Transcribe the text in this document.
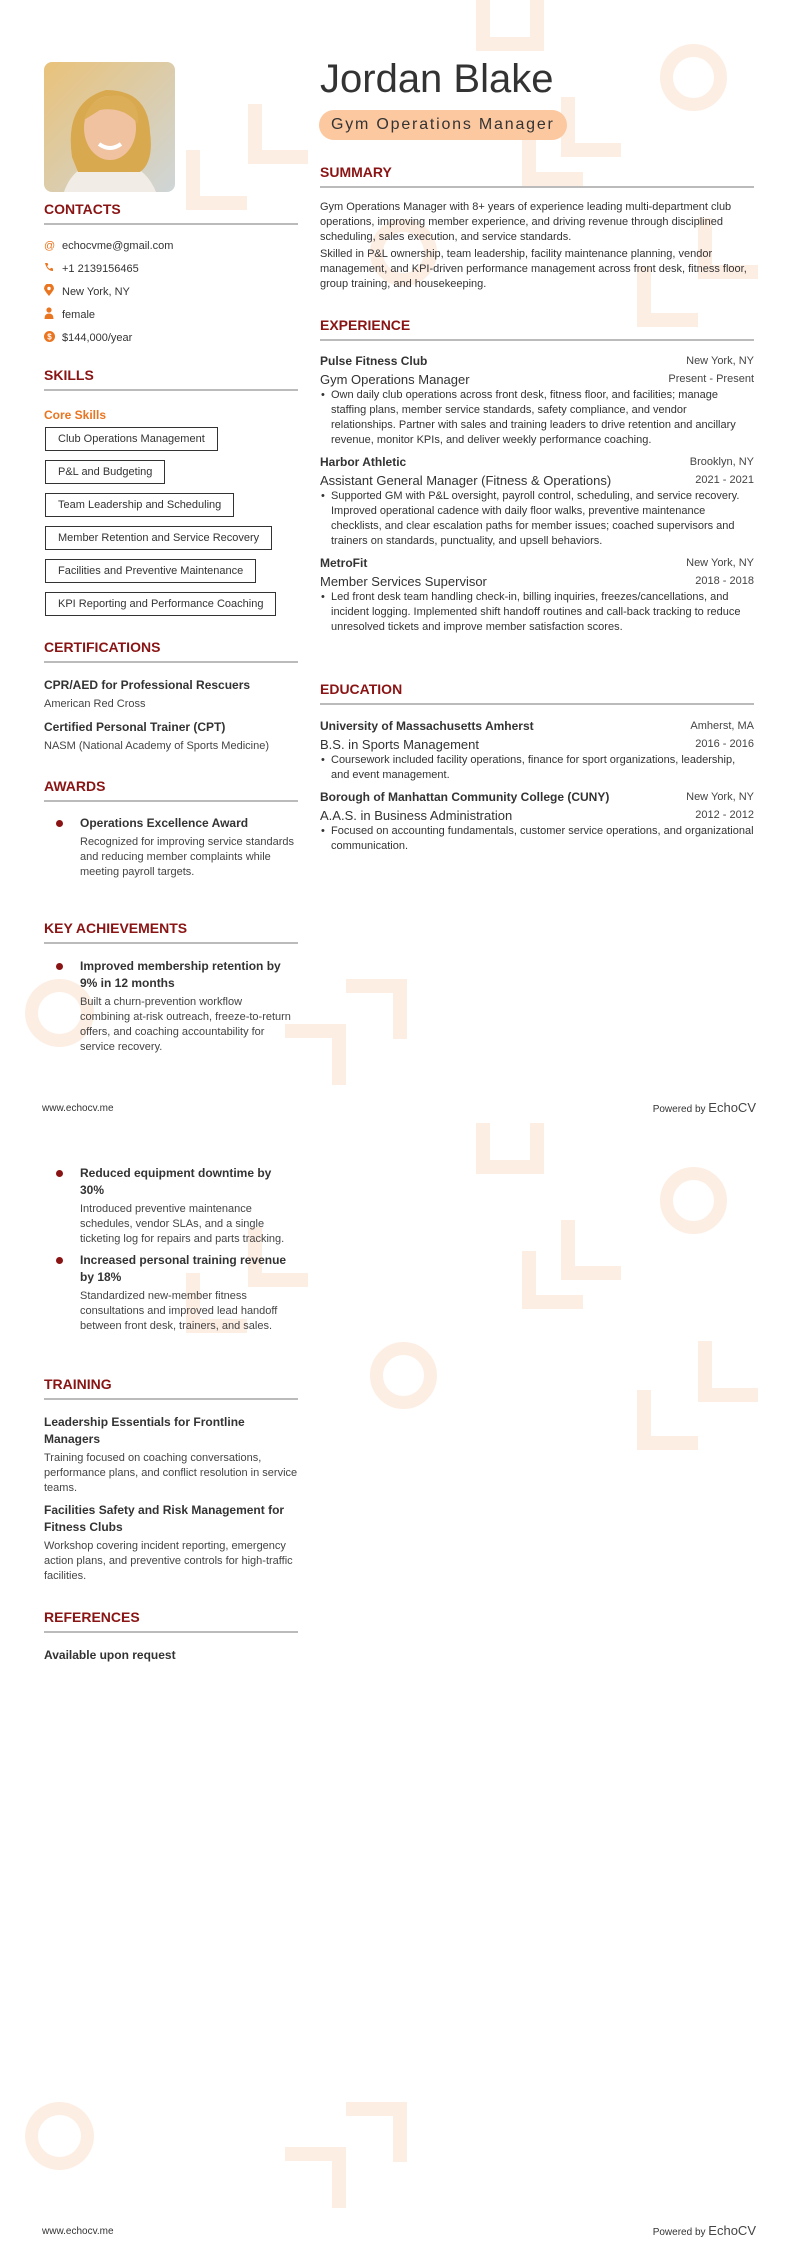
CONTACTS
@ echocvme@gmail.com
+1 2139156465
New York, NY
female
$ $144,000/year
SKILLS
Core Skills
Club Operations Management
P&L and Budgeting
Team Leadership and Scheduling
Member Retention and Service Recovery
Facilities and Preventive Maintenance
KPI Reporting and Performance Coaching
CERTIFICATIONS
CPR/AED for Professional Rescuers
American Red Cross
Certified Personal Trainer (CPT)
NASM (National Academy of Sports Medicine)
AWARDS
Operations Excellence Award
Recognized for improving service standards and reducing member complaints while meeting payroll targets.
KEY ACHIEVEMENTS
Improved membership retention by 9% in 12 months
Built a churn-prevention workflow combining at-risk outreach, freeze-to-return offers, and coaching accountability for service recovery.
Jordan Blake
Gym Operations Manager
SUMMARY
Gym Operations Manager with 8+ years of experience leading multi-department club operations, improving member experience, and driving revenue through disciplined scheduling, sales execution, and service standards.
Skilled in P&L ownership, team leadership, facility maintenance planning, vendor management, and KPI-driven performance management across front desk, fitness floor, group training, and housekeeping.
EXPERIENCE
Pulse Fitness Club	New York, NY
Gym Operations Manager	Present - Present
• Own daily club operations across front desk, fitness floor, and facilities; manage staffing plans, member service standards, safety compliance, and vendor relationships. Partner with sales and training leaders to drive retention and ancillary revenue, monitor KPIs, and deliver weekly performance coaching.
Harbor Athletic	Brooklyn, NY
Assistant General Manager (Fitness & Operations)	2021 - 2021
• Supported GM with P&L oversight, payroll control, scheduling, and service recovery. Improved operational cadence with daily floor walks, preventive maintenance checklists, and clear escalation paths for member issues; coached supervisors and trainers on standards, punctuality, and upsell behaviors.
MetroFit	New York, NY
Member Services Supervisor	2018 - 2018
• Led front desk team handling check-in, billing inquiries, freezes/cancellations, and incident logging. Implemented shift handoff routines and call-back tracking to reduce unresolved tickets and improve member satisfaction scores.
EDUCATION
University of Massachusetts Amherst	Amherst, MA
B.S. in Sports Management	2016 - 2016
• Coursework included facility operations, finance for sport organizations, leadership, and event management.
Borough of Manhattan Community College (CUNY)	New York, NY
A.A.S. in Business Administration	2012 - 2012
• Focused on accounting fundamentals, customer service operations, and organizational communication.
www.echocv.me	Powered by EchoCV
Reduced equipment downtime by 30%
Introduced preventive maintenance schedules, vendor SLAs, and a single ticketing log for repairs and parts tracking.
Increased personal training revenue by 18%
Standardized new-member fitness consultations and improved lead handoff between front desk, trainers, and sales.
TRAINING
Leadership Essentials for Frontline Managers
Training focused on coaching conversations, performance plans, and conflict resolution in service teams.
Facilities Safety and Risk Management for Fitness Clubs
Workshop covering incident reporting, emergency action plans, and preventive controls for high-traffic facilities.
REFERENCES
Available upon request
www.echocv.me	Powered by EchoCV
